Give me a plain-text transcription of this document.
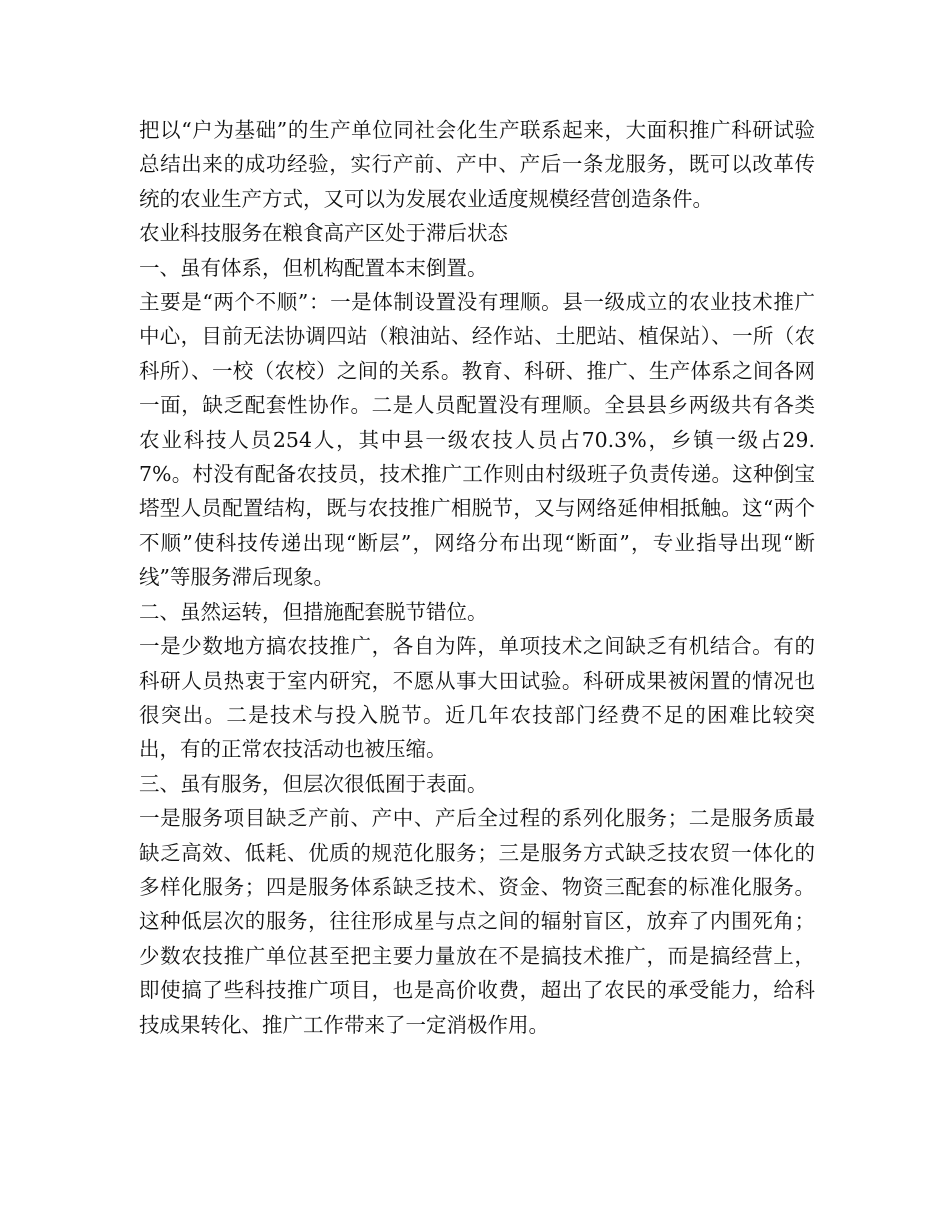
把以“户为基础”的生产单位同社会化生产联系起来，大面积推广科研试验总结出来的成功经验，实行产前、产中、产后一条龙服务，既可以改革传统的农业生产方式，又可以为发展农业适度规模经营创造条件。

农业科技服务在粮食高产区处于滞后状态

一、虽有体系，但机构配置本末倒置。

主要是“两个不顺”：一是体制设置没有理顺。县一级成立的农业技术推广中心，目前无法协调四站（粮油站、经作站、土肥站、植保站）、一所（农科所）、一校（农校）之间的关系。教育、科研、推广、生产体系之间各网一面，缺乏配套性协作。二是人员配置没有理顺。全县县乡两级共有各类农业科技人员254人，其中县一级农技人员占70.3%，乡镇一级占29.7%。村没有配备农技员，技术推广工作则由村级班子负责传递。这种倒宝塔型人员配置结构，既与农技推广相脱节，又与网络延伸相抵触。这“两个不顺”使科技传递出现“断层”，网络分布出现“断面”，专业指导出现“断线”等服务滞后现象。

二、虽然运转，但措施配套脱节错位。

一是少数地方搞农技推广，各自为阵，单项技术之间缺乏有机结合。有的科研人员热衷于室内研究，不愿从事大田试验。科研成果被闲置的情况也很突出。二是技术与投入脱节。近几年农技部门经费不足的困难比较突出，有的正常农技活动也被压缩。

三、虽有服务，但层次很低囿于表面。

一是服务项目缺乏产前、产中、产后全过程的系列化服务；二是服务质最缺乏高效、低耗、优质的规范化服务；三是服务方式缺乏技农贸一体化的多样化服务；四是服务体系缺乏技术、资金、物资三配套的标准化服务。这种低层次的服务，往往形成星与点之间的辐射盲区，放弃了内围死角；少数农技推广单位甚至把主要力量放在不是搞技术推广，而是搞经营上，即使搞了些科技推广项目，也是高价收费，超出了农民的承受能力，给科技成果转化、推广工作带来了一定消极作用。
